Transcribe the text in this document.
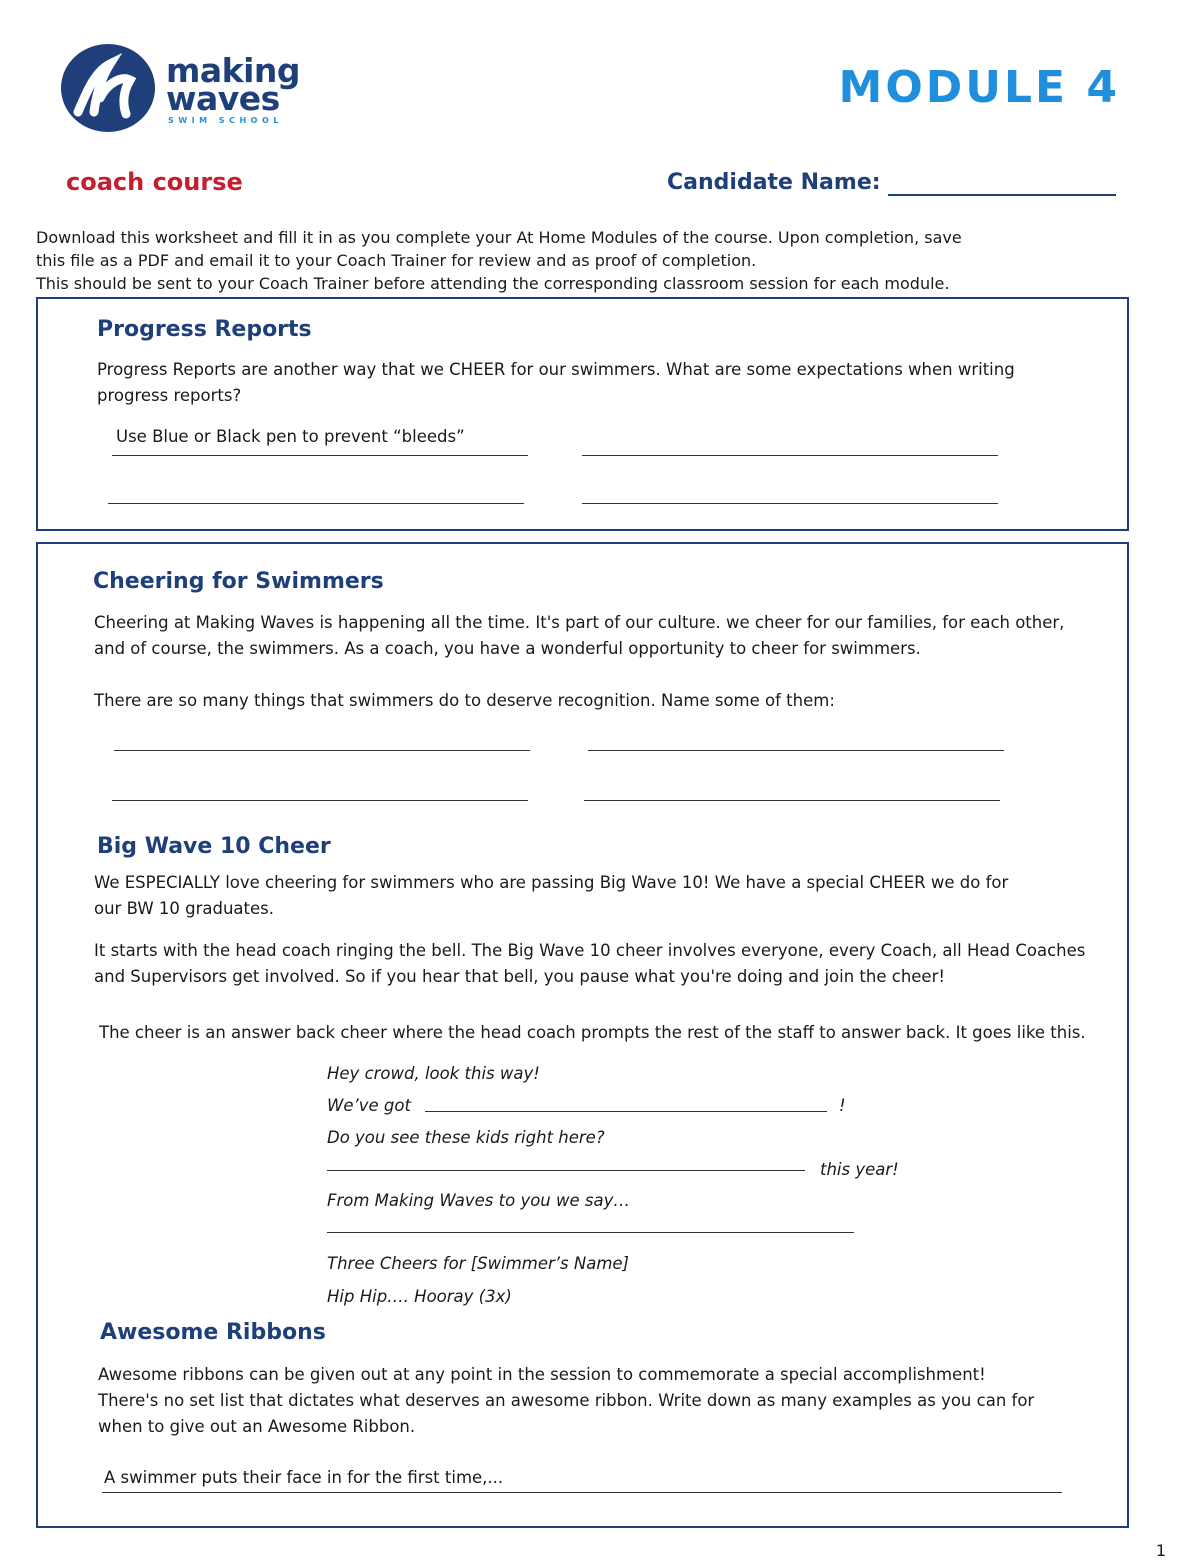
making
waves
SWIM SCHOOL
MODULE 4
coach course	Candidate Name:
Download this worksheet and fill it in as you complete your At Home Modules of the course. Upon completion, save
this file as a PDF and email it to your Coach Trainer for review and as proof of completion.
This should be sent to your Coach Trainer before attending the corresponding classroom session for each module.
Progress Reports
Progress Reports are another way that we CHEER for our swimmers. What are some expectations when writing
progress reports?
Use Blue or Black pen to prevent “bleeds”
Cheering for Swimmers
Cheering at Making Waves is happening all the time. It's part of our culture. we cheer for our families, for each other,
and of course, the swimmers. As a coach, you have a wonderful opportunity to cheer for swimmers.
There are so many things that swimmers do to deserve recognition. Name some of them:
Big Wave 10 Cheer
We ESPECIALLY love cheering for swimmers who are passing Big Wave 10! We have a special CHEER we do for
our BW 10 graduates.
It starts with the head coach ringing the bell. The Big Wave 10 cheer involves everyone, every Coach, all Head Coaches
and Supervisors get involved. So if you hear that bell, you pause what you're doing and join the cheer!
The cheer is an answer back cheer where the head coach prompts the rest of the staff to answer back. It goes like this.
Hey crowd, look this way!
We’ve got	!
Do you see these kids right here?
this year!
From Making Waves to you we say…
Three Cheers for [Swimmer’s Name]
Hip Hip…. Hooray (3x)
Awesome Ribbons
Awesome ribbons can be given out at any point in the session to commemorate a special accomplishment!
There's no set list that dictates what deserves an awesome ribbon. Write down as many examples as you can for
when to give out an Awesome Ribbon.
A swimmer puts their face in for the first time,...
1
